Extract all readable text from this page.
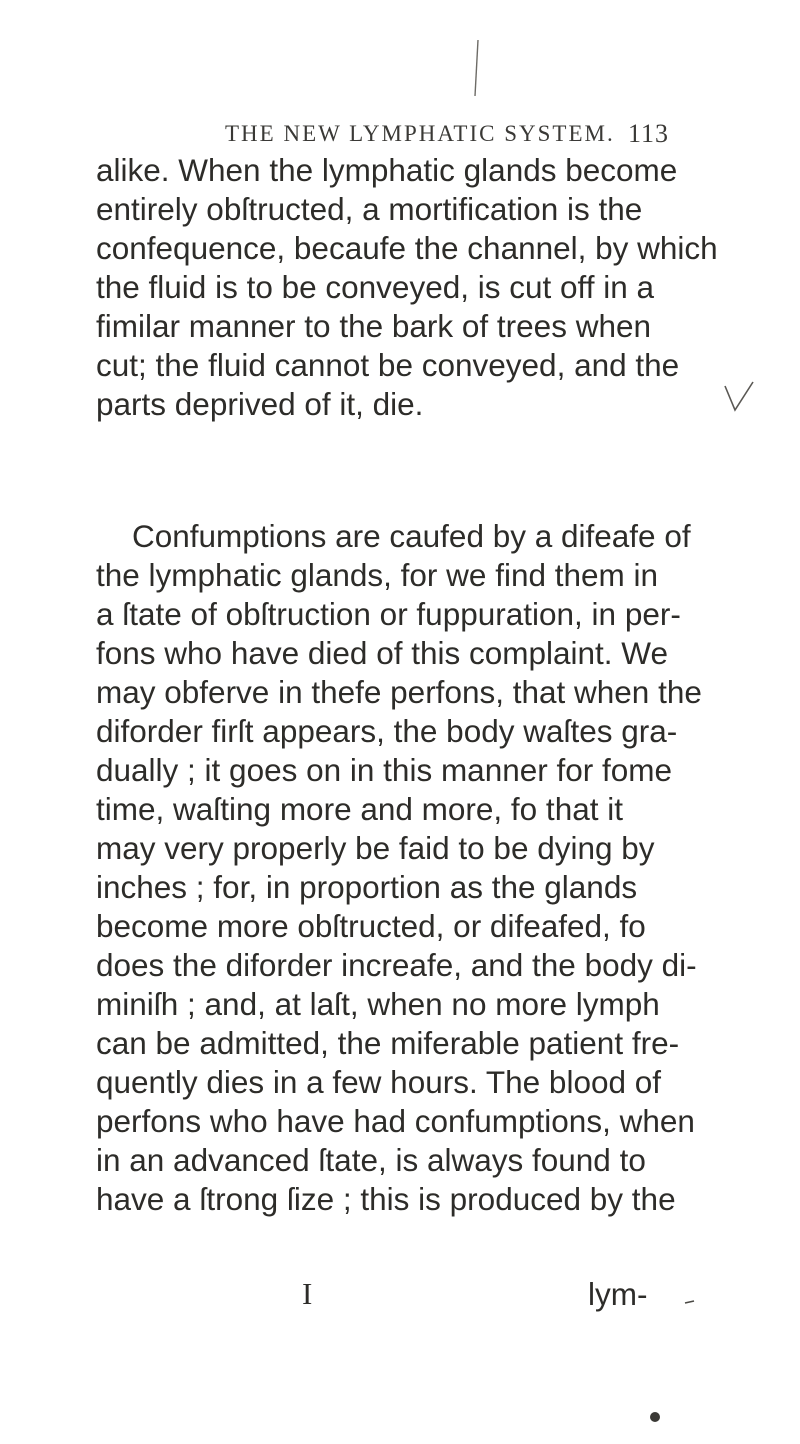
THE NEW LYMPHATIC SYSTEM. 113
alike. When the lymphatic glands become
entirely obſtructed, a mortification is the
confequence, becaufe the channel, by which
the fluid is to be conveyed, is cut off in a
fimilar manner to the bark of trees when
cut; the fluid cannot be conveyed, and the
parts deprived of it, die.
Confumptions are caufed by a difeafe of
the lymphatic glands, for we find them in
a ſtate of obſtruction or fuppuration, in per-
fons who have died of this complaint. We
may obferve in thefe perfons, that when the
diforder firſt appears, the body waſtes gra-
dually ; it goes on in this manner for fome
time, waſting more and more, fo that it
may very properly be faid to be dying by
inches ; for, in proportion as the glands
become more obſtructed, or difeafed, fo
does the diforder increafe, and the body di-
miniſh ; and, at laſt, when no more lymph
can be admitted, the miferable patient fre-
quently dies in a few hours. The blood of
perfons who have had confumptions, when
in an advanced ſtate, is always found to
have a ſtrong ſize ; this is produced by the
I	lym-
